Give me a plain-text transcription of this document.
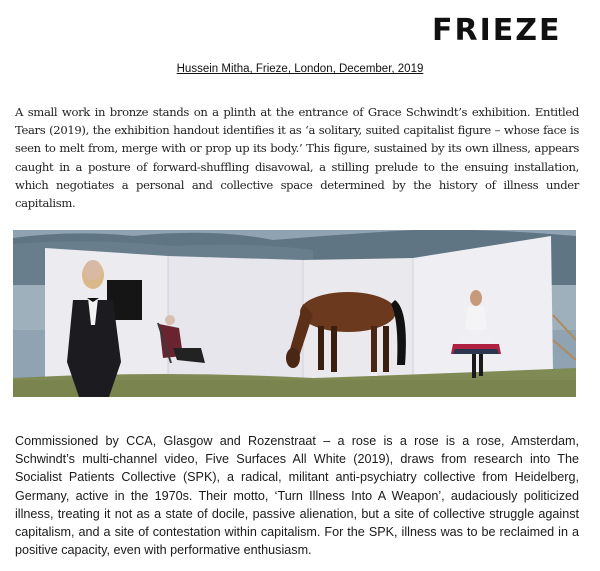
FRIEZE
Hussein Mitha, Frieze, London, December, 2019
A small work in bronze stands on a plinth at the entrance of Grace Schwindt’s exhibition. Entitled Tears (2019), the exhibition handout identifies it as ‘a solitary, suited capitalist figure – whose face is seen to melt from, merge with or prop up its body.’ This figure, sustained by its own illness, appears caught in a posture of forward-shuffling disavowal, a stilling prelude to the ensuing installation, which negotiates a personal and collective space determined by the history of illness under capitalism.
Commissioned by CCA, Glasgow and Rozenstraat – a rose is a rose is a rose, Amsterdam, Schwindt’s multi-channel video, Five Surfaces All White (2019), draws from research into The Socialist Patients Collective (SPK), a radical, militant anti-psychiatry collective from Heidelberg, Germany, active in the 1970s. Their motto, ‘Turn Illness Into A Weapon’, audaciously politicized illness, treating it not as a state of docile, passive alienation, but a site of collective struggle against capitalism, and a site of contestation within capitalism. For the SPK, illness was to be reclaimed in a positive capacity, even with performative enthusiasm.
